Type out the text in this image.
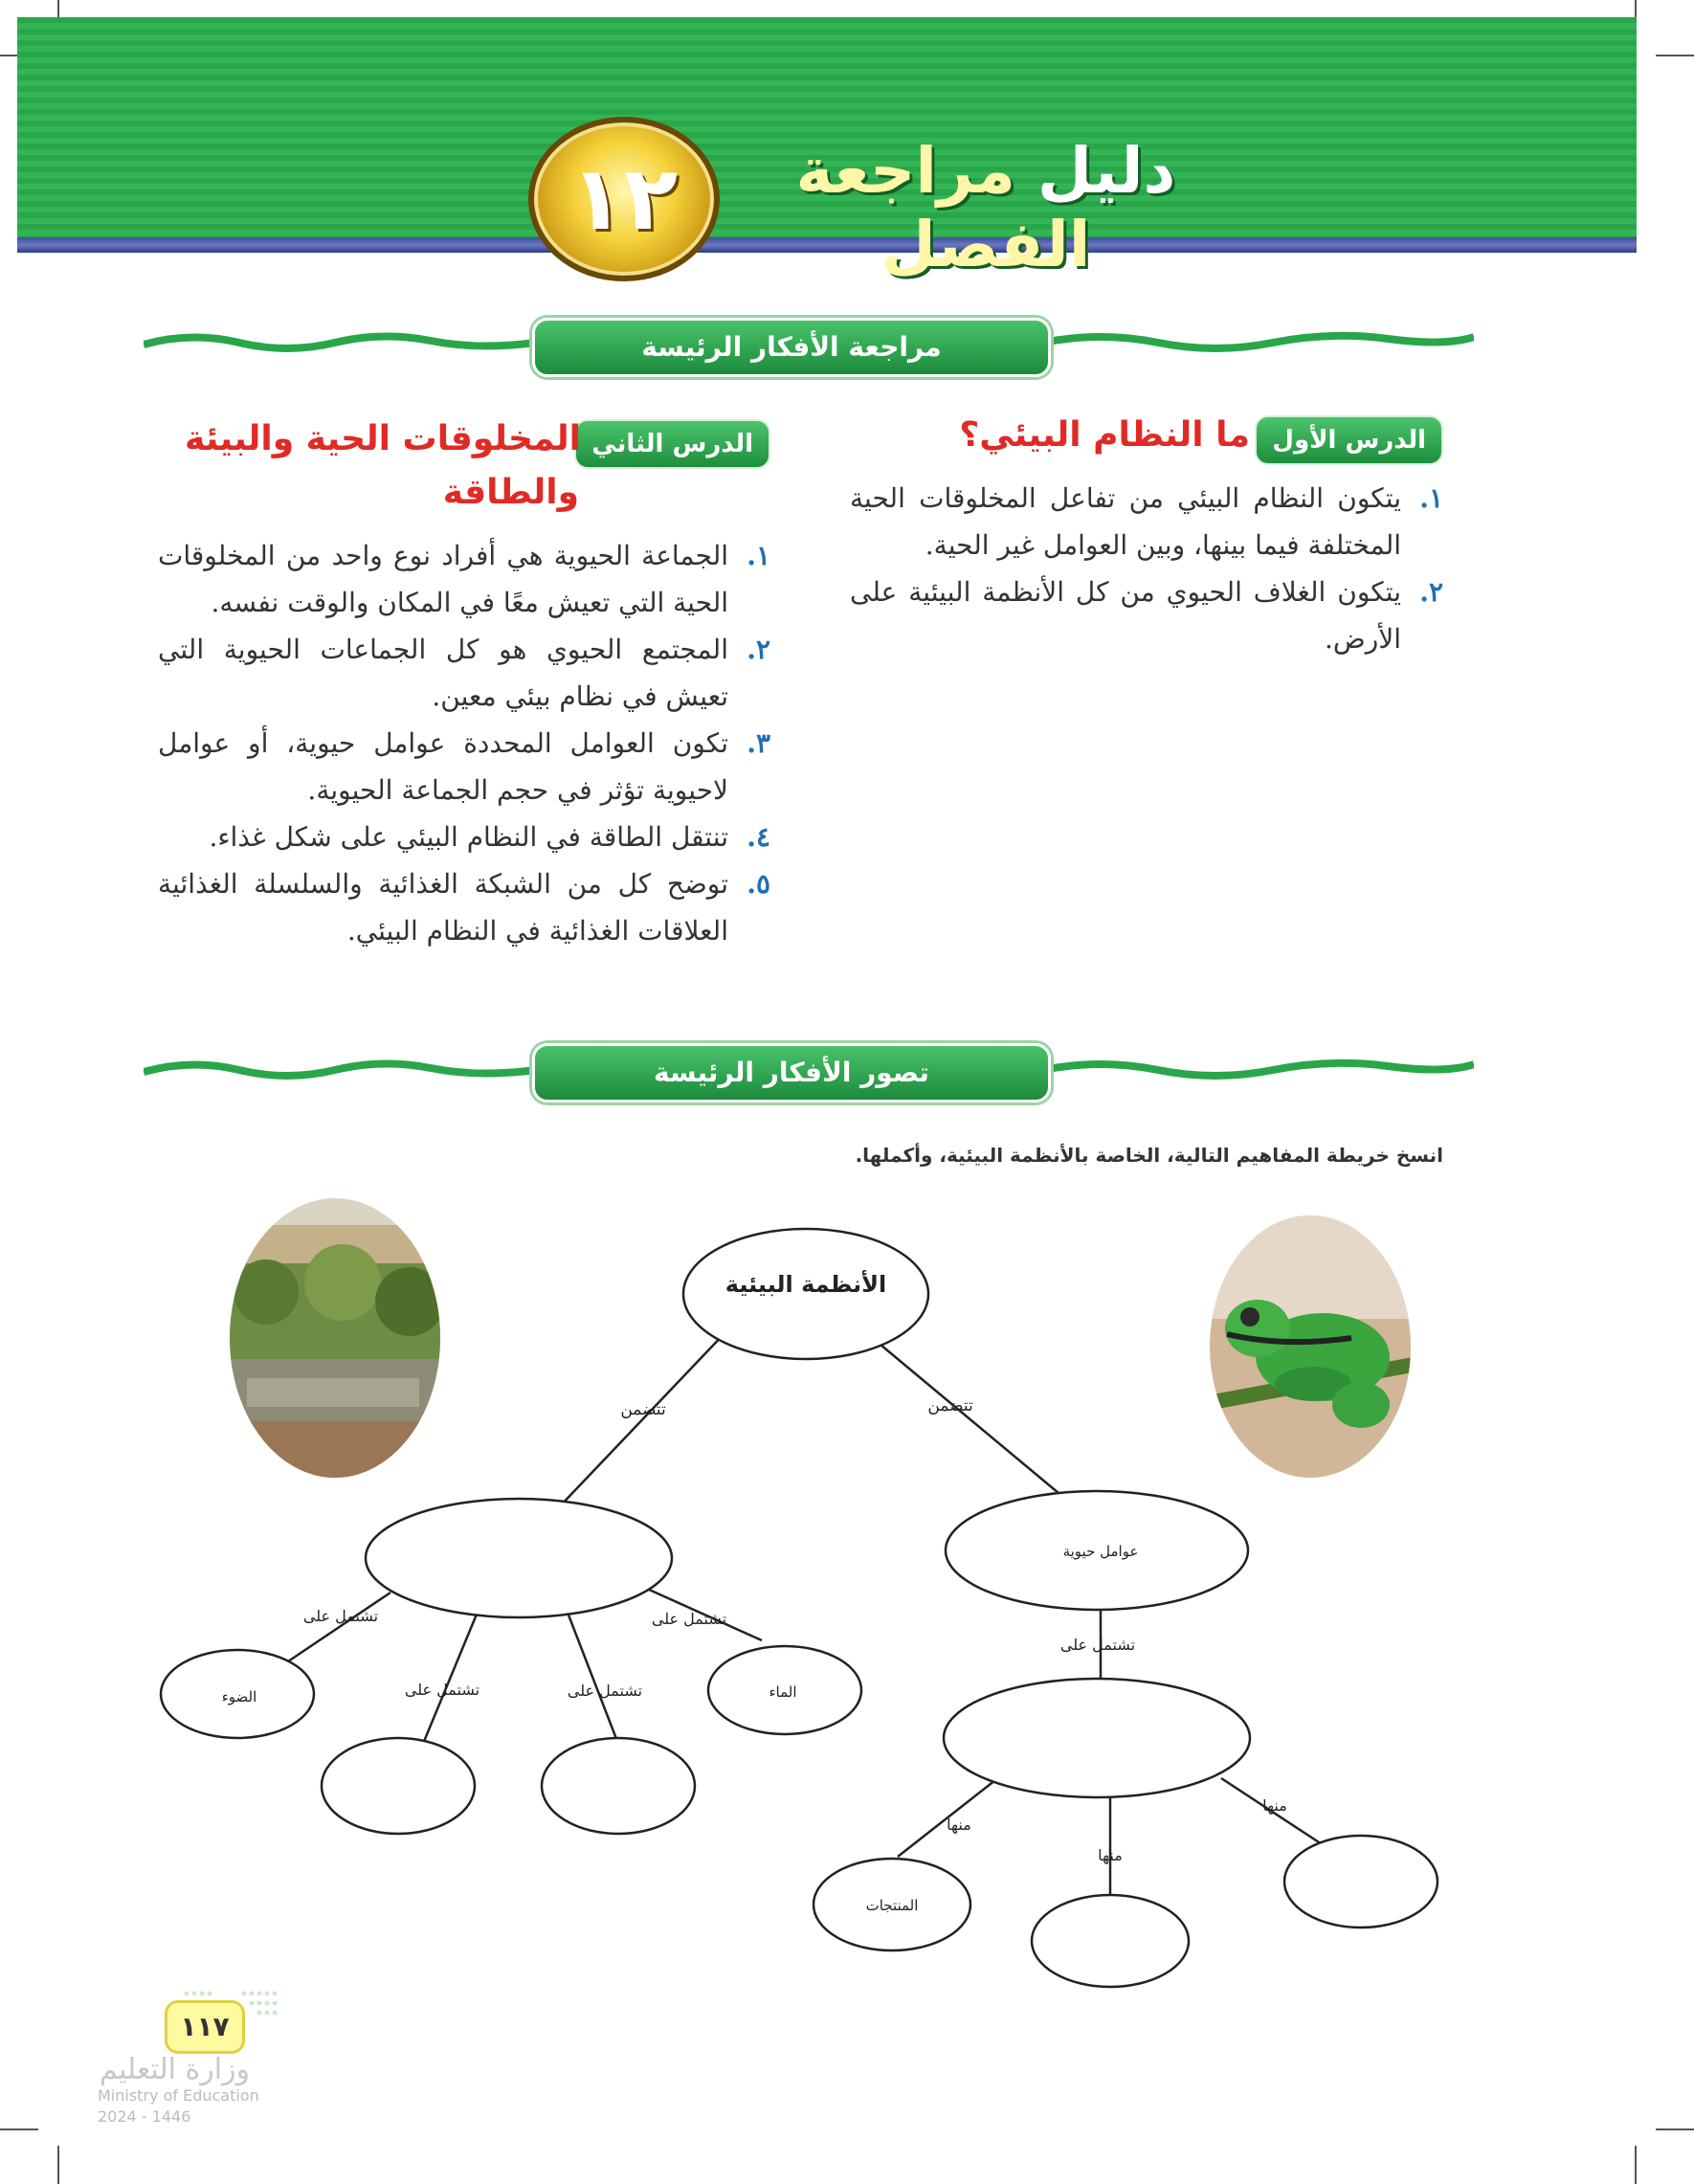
دليل مراجعة الفصل
١٢
مراجعة الأفكار الرئيسة
الدرس الأول
ما النظام البيئي؟
١.
يتكون النظام البيئي من تفاعل المخلوقات الحية المختلفة فيما بينها، وبين العوامل غير الحية.
٢.
يتكون الغلاف الحيوي من كل الأنظمة البيئية على الأرض.
الدرس الثاني
المخلوقات الحية والبيئة
والطاقة
١.
الجماعة الحيوية هي أفراد نوع واحد من المخلوقات الحية التي تعيش معًا في المكان والوقت نفسه.
٢.
المجتمع الحيوي هو كل الجماعات الحيوية التي تعيش في نظام بيئي معين.
٣.
تكون العوامل المحددة عوامل حيوية، أو عوامل لاحيوية تؤثر في حجم الجماعة الحيوية.
٤.
تنتقل الطاقة في النظام البيئي على شكل غذاء.
٥.
توضح كل من الشبكة الغذائية والسلسلة الغذائية العلاقات الغذائية في النظام البيئي.
تصور الأفكار الرئيسة
انسخ خريطة المفاهيم التالية، الخاصة بالأنظمة البيئية، وأكملها.
الأنظمة البيئية
تتضمن	تتضمن
عوامل حيوية
تشتمل على
تشتمل على	تشتمل على
تشتمل على
تشتمل على
منها
منها
منها
الضوء	الماء
المنتجات
١١٧
وزارة التعليم
Ministry of Education
2024 - 1446
